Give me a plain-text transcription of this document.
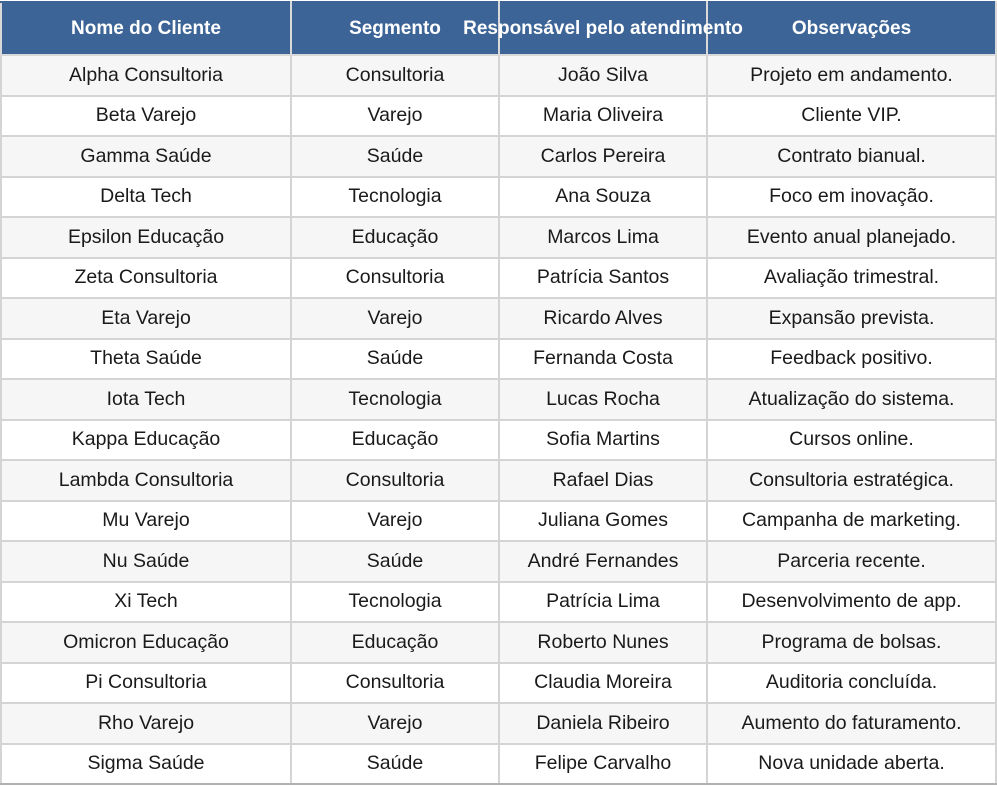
Nome do Cliente	Segmento	Responsável pelo atendimento	Observações
Alpha Consultoria	Consultoria	João Silva	Projeto em andamento.
Beta Varejo	Varejo	Maria Oliveira	Cliente VIP.
Gamma Saúde	Saúde	Carlos Pereira	Contrato bianual.
Delta Tech	Tecnologia	Ana Souza	Foco em inovação.
Epsilon Educação	Educação	Marcos Lima	Evento anual planejado.
Zeta Consultoria	Consultoria	Patrícia Santos	Avaliação trimestral.
Eta Varejo	Varejo	Ricardo Alves	Expansão prevista.
Theta Saúde	Saúde	Fernanda Costa	Feedback positivo.
Iota Tech	Tecnologia	Lucas Rocha	Atualização do sistema.
Kappa Educação	Educação	Sofia Martins	Cursos online.
Lambda Consultoria	Consultoria	Rafael Dias	Consultoria estratégica.
Mu Varejo	Varejo	Juliana Gomes	Campanha de marketing.
Nu Saúde	Saúde	André Fernandes	Parceria recente.
Xi Tech	Tecnologia	Patrícia Lima	Desenvolvimento de app.
Omicron Educação	Educação	Roberto Nunes	Programa de bolsas.
Pi Consultoria	Consultoria	Claudia Moreira	Auditoria concluída.
Rho Varejo	Varejo	Daniela Ribeiro	Aumento do faturamento.
Sigma Saúde	Saúde	Felipe Carvalho	Nova unidade aberta.
